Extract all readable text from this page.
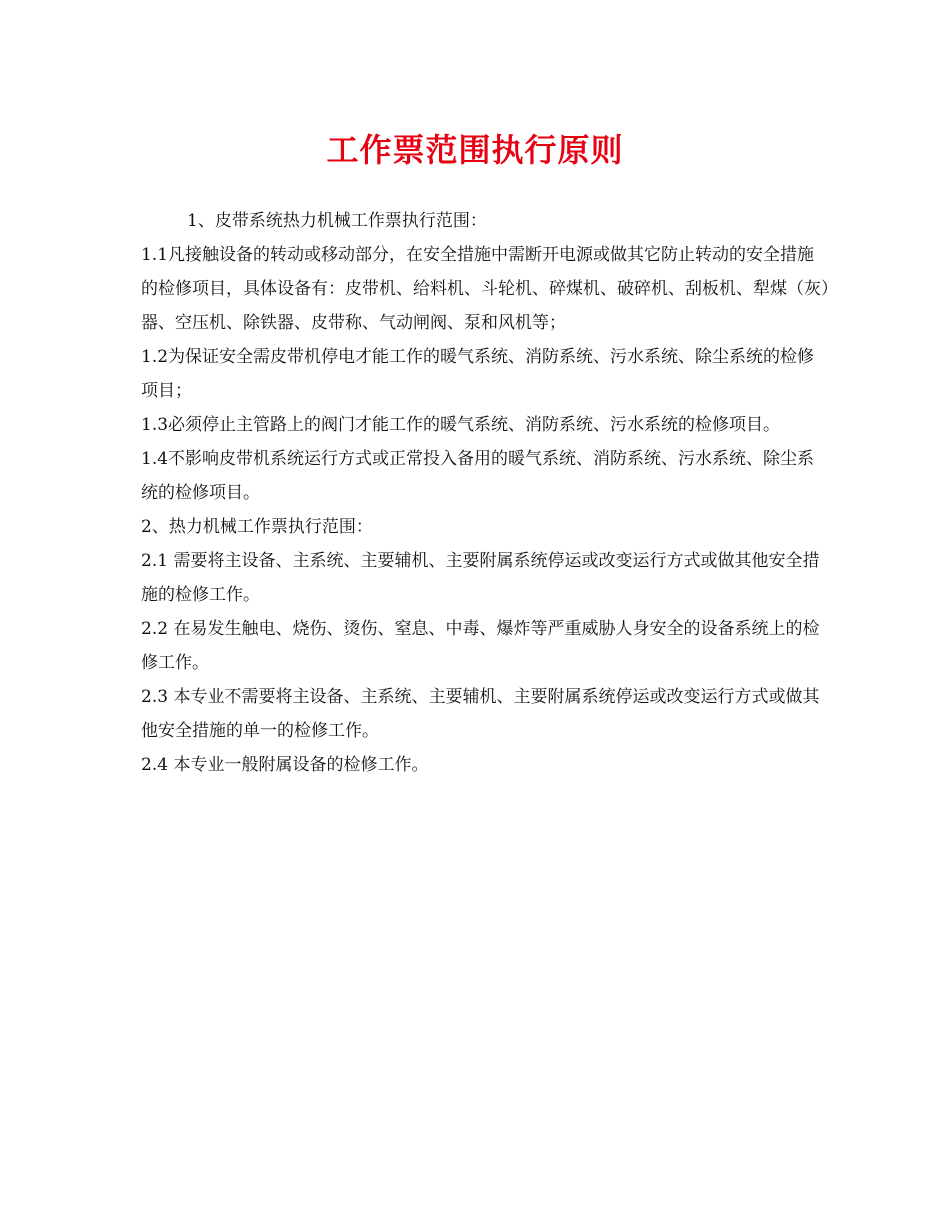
工作票范围执行原则

1、皮带系统热力机械工作票执行范围：

1.1凡接触设备的转动或移动部分，在安全措施中需断开电源或做其它防止转动的安全措施的检修项目，具体设备有：皮带机、给料机、斗轮机、碎煤机、破碎机、刮板机、犁煤（灰）器、空压机、除铁器、皮带称、气动闸阀、泵和风机等；

1.2为保证安全需皮带机停电才能工作的暖气系统、消防系统、污水系统、除尘系统的检修项目；

1.3必须停止主管路上的阀门才能工作的暖气系统、消防系统、污水系统的检修项目。

1.4不影响皮带机系统运行方式或正常投入备用的暖气系统、消防系统、污水系统、除尘系统的检修项目。

2、热力机械工作票执行范围：

2.1 需要将主设备、主系统、主要辅机、主要附属系统停运或改变运行方式或做其他安全措施的检修工作。

2.2 在易发生触电、烧伤、烫伤、窒息、中毒、爆炸等严重威胁人身安全的设备系统上的检修工作。

2.3 本专业不需要将主设备、主系统、主要辅机、主要附属系统停运或改变运行方式或做其他安全措施的单一的检修工作。

2.4 本专业一般附属设备的检修工作。
